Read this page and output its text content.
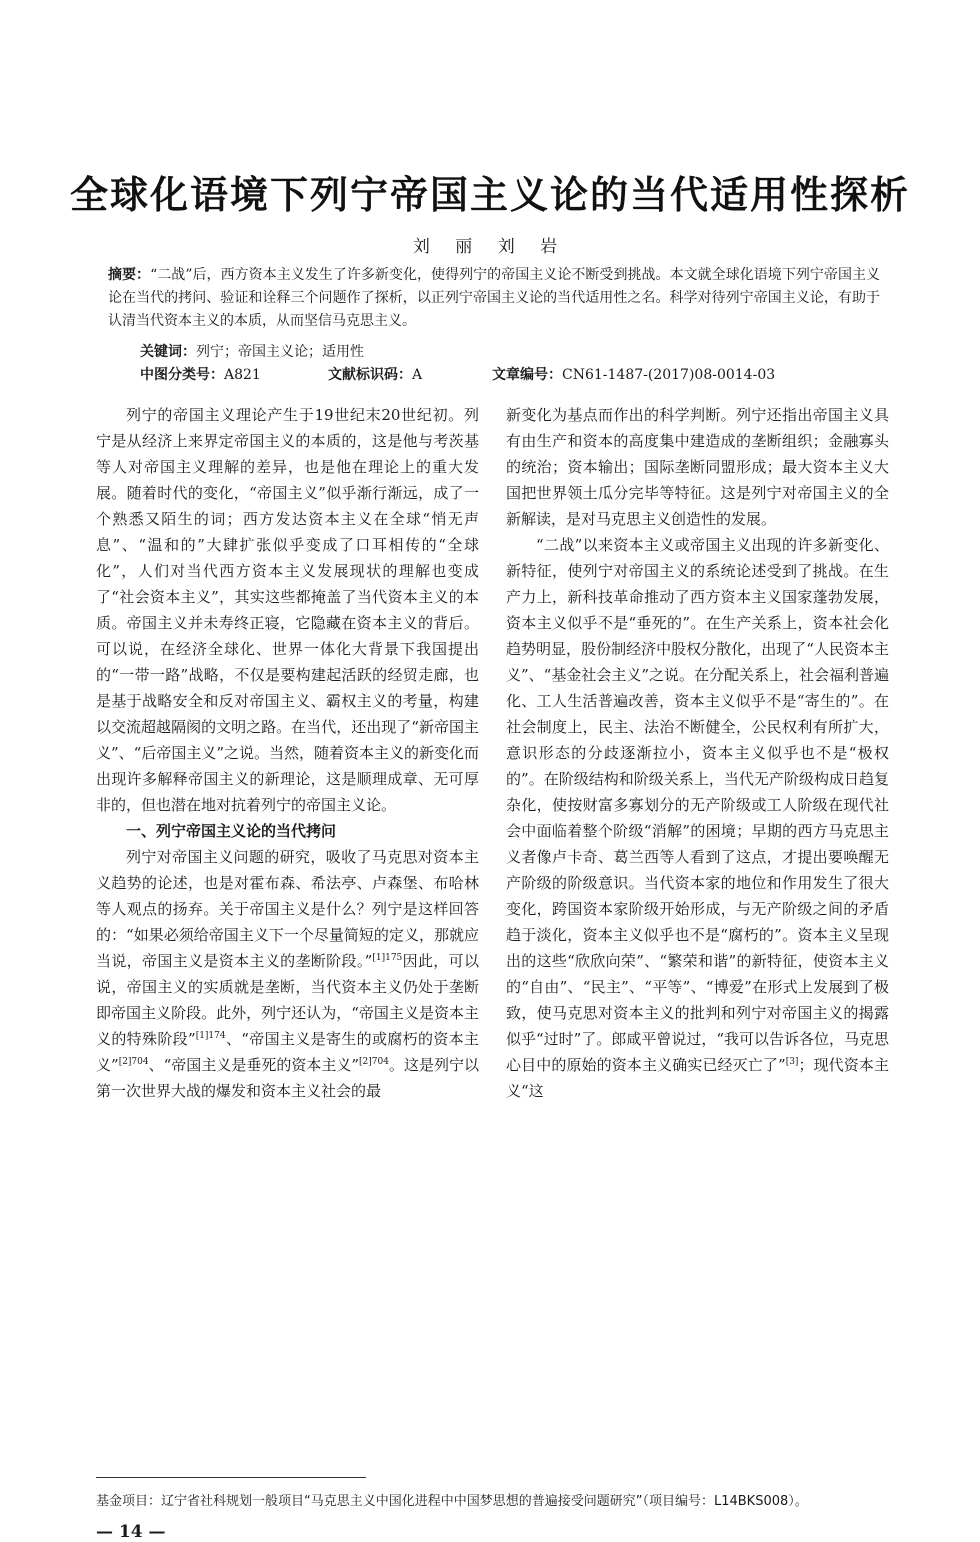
全球化语境下列宁帝国主义论的当代适用性探析
刘 丽 刘 岩

摘要：“二战”后，西方资本主义发生了许多新变化，使得列宁的帝国主义论不断受到挑战。本文就全球化语境下列宁帝国主义论在当代的拷问、验证和诠释三个问题作了探析，以正列宁帝国主义论的当代适用性之名。科学对待列宁帝国主义论，有助于认清当代资本主义的本质，从而坚信马克思主义。

关键词：列宁；帝国主义论；适用性
中图分类号：A821	文献标识码：A	文章编号：CN61-1487-(2017)08-0014-03

列宁的帝国主义理论产生于19世纪末20世纪初。列宁是从经济上来界定帝国主义的本质的，这是他与考茨基等人对帝国主义理解的差异，也是他在理论上的重大发展。随着时代的变化，“帝国主义”似乎渐行渐远，成了一个熟悉又陌生的词；西方发达资本主义在全球“悄无声息”、“温和的”大肆扩张似乎变成了口耳相传的“全球化”，人们对当代西方资本主义发展现状的理解也变成了“社会资本主义”，其实这些都掩盖了当代资本主义的本质。帝国主义并未寿终正寝，它隐藏在资本主义的背后。可以说，在经济全球化、世界一体化大背景下我国提出的“一带一路”战略，不仅是要构建起活跃的经贸走廊，也是基于战略安全和反对帝国主义、霸权主义的考量，构建以交流超越隔阂的文明之路。在当代，还出现了“新帝国主义”、“后帝国主义”之说。当然，随着资本主义的新变化而出现许多解释帝国主义的新理论，这是顺理成章、无可厚非的，但也潜在地对抗着列宁的帝国主义论。

一、列宁帝国主义论的当代拷问

列宁对帝国主义问题的研究，吸收了马克思对资本主义趋势的论述，也是对霍布森、希法亭、卢森堡、布哈林等人观点的扬弃。关于帝国主义是什么？列宁是这样回答的：“如果必须给帝国主义下一个尽量简短的定义，那就应当说，帝国主义是资本主义的垄断阶段。”$^{[1]175}$因此，可以说，帝国主义的实质就是垄断，当代资本主义仍处于垄断即帝国主义阶段。此外，列宁还认为，“帝国主义是资本主义的特殊阶段”$^{[1]174}$、“帝国主义是寄生的或腐朽的资本主义”$^{[2]704}$、“帝国主义是垂死的资本主义”$^{[2]704}$。这是列宁以第一次世界大战的爆发和资本主义社会的最

新变化为基点而作出的科学判断。列宁还指出帝国主义具有由生产和资本的高度集中建造成的垄断组织；金融寡头的统治；资本输出；国际垄断同盟形成；最大资本主义大国把世界领土瓜分完毕等特征。这是列宁对帝国主义的全新解读，是对马克思主义创造性的发展。

“二战”以来资本主义或帝国主义出现的许多新变化、新特征，使列宁对帝国主义的系统论述受到了挑战。在生产力上，新科技革命推动了西方资本主义国家蓬勃发展，资本主义似乎不是“垂死的”。在生产关系上，资本社会化趋势明显，股份制经济中股权分散化，出现了“人民资本主义”、“基金社会主义”之说。在分配关系上，社会福利普遍化、工人生活普遍改善，资本主义似乎不是“寄生的”。在社会制度上，民主、法治不断健全，公民权利有所扩大，意识形态的分歧逐渐拉小，资本主义似乎也不是“极权的”。在阶级结构和阶级关系上，当代无产阶级构成日趋复杂化，使按财富多寡划分的无产阶级或工人阶级在现代社会中面临着整个阶级“消解”的困境；早期的西方马克思主义者像卢卡奇、葛兰西等人看到了这点，才提出要唤醒无产阶级的阶级意识。当代资本家的地位和作用发生了很大变化，跨国资本家阶级开始形成，与无产阶级之间的矛盾趋于淡化，资本主义似乎也不是“腐朽的”。资本主义呈现出的这些“欣欣向荣”、“繁荣和谐”的新特征，使资本主义的“自由”、“民主”、“平等”、“博爱”在形式上发展到了极致，使马克思对资本主义的批判和列宁对帝国主义的揭露似乎“过时”了。郎咸平曾说过，“我可以告诉各位，马克思心目中的原始的资本主义确实已经灭亡了”[3]；现代资本主义“这

基金项目：辽宁省社科规划一般项目“马克思主义中国化进程中中国梦思想的普遍接受问题研究”（项目编号：L14BKS008）。
— 14 —
